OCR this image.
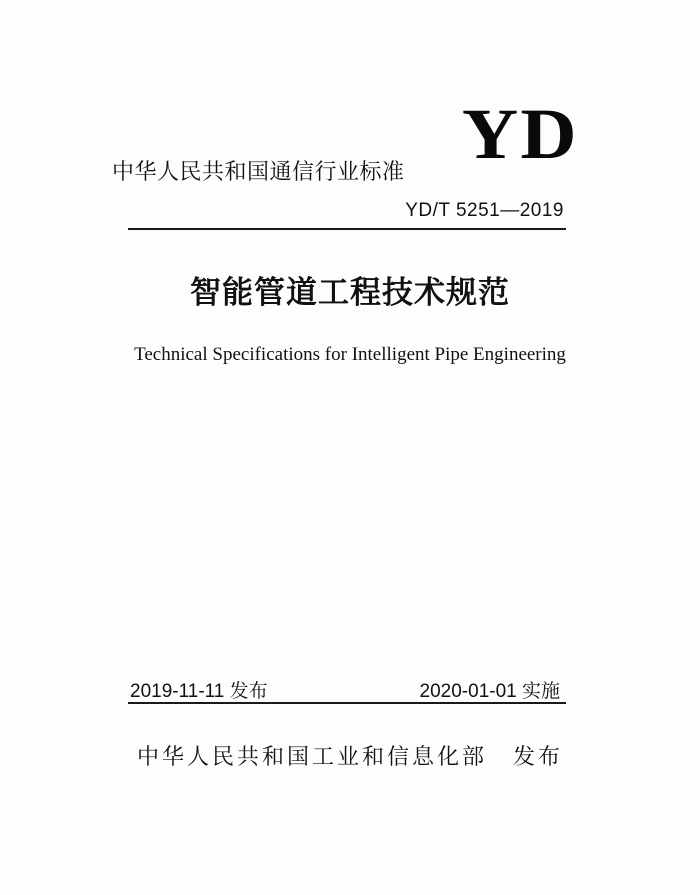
中华人民共和国通信行业标准 YD
YD/T 5251—2019
智能管道工程技术规范
Technical Specifications for Intelligent Pipe Engineering
2019-11-11 发布	2020-01-01 实施
中华人民共和国工业和信息化部 发布
